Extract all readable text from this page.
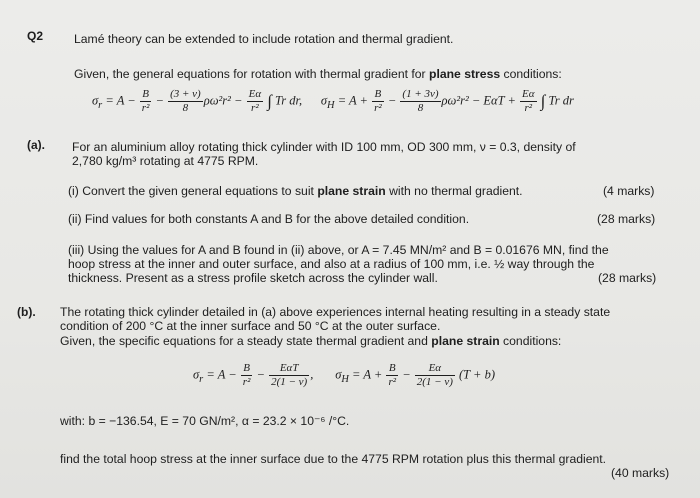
Q2	Lamé theory can be extended to include rotation and thermal gradient.
Given, the general equations for rotation with thermal gradient for plane stress conditions:
$\sigma_r = A - \frac{B}{\text{r²}} - \frac{(3 + \nu)}{8} \rho\omega^2r^2 - \frac{E\alpha}{\text{r²}}$ ∫ Tr dr, $\sigma_H = A + \frac{B}{\text{r²}} - \frac{(1 + 3\nu)}{8} \rho\omega^2r^2 - E\alpha T + \frac{E\alpha}{\text{r²}}$ ∫ Tr dr
(a). For an aluminium alloy rotating thick cylinder with ID 100 mm, OD 300 mm, ν = 0.3, density of
2,780 kg/m³ rotating at 4775 RPM.
(i) Convert the given general equations to suit plane strain with no thermal gradient.	(4 marks)
(ii) Find values for both constants A and B for the above detailed condition.	(28 marks)
(iii) Using the values for A and B found in (ii) above, or A = 7.45 MN/m² and B = 0.01676 MN, find the
hoop stress at the inner and outer surface, and also at a radius of 100 mm, i.e. ½ way through the
thickness. Present as a stress profile sketch across the cylinder wall.	(28 marks)
(b). The rotating thick cylinder detailed in (a) above experiences internal heating resulting in a steady state
condition of 200 °C at the inner surface and 50 °C at the outer surface.
Given, the specific equations for a steady state thermal gradient and plane strain conditions:
$\sigma_r = A - \frac{B}{\text{r²}} - \frac{\text{EαT}}{2(1 - \nu)}$ , $\sigma_H = A + \frac{B}{\text{r²}} - \frac{E\alpha}{2(1 - \nu)} (T + b)$
with: b = −136.54, E = 70 GN/m², α = 23.2 × 10⁻⁶ /°C.
find the total hoop stress at the inner surface due to the 4775 RPM rotation plus this thermal gradient.
(40 marks)
